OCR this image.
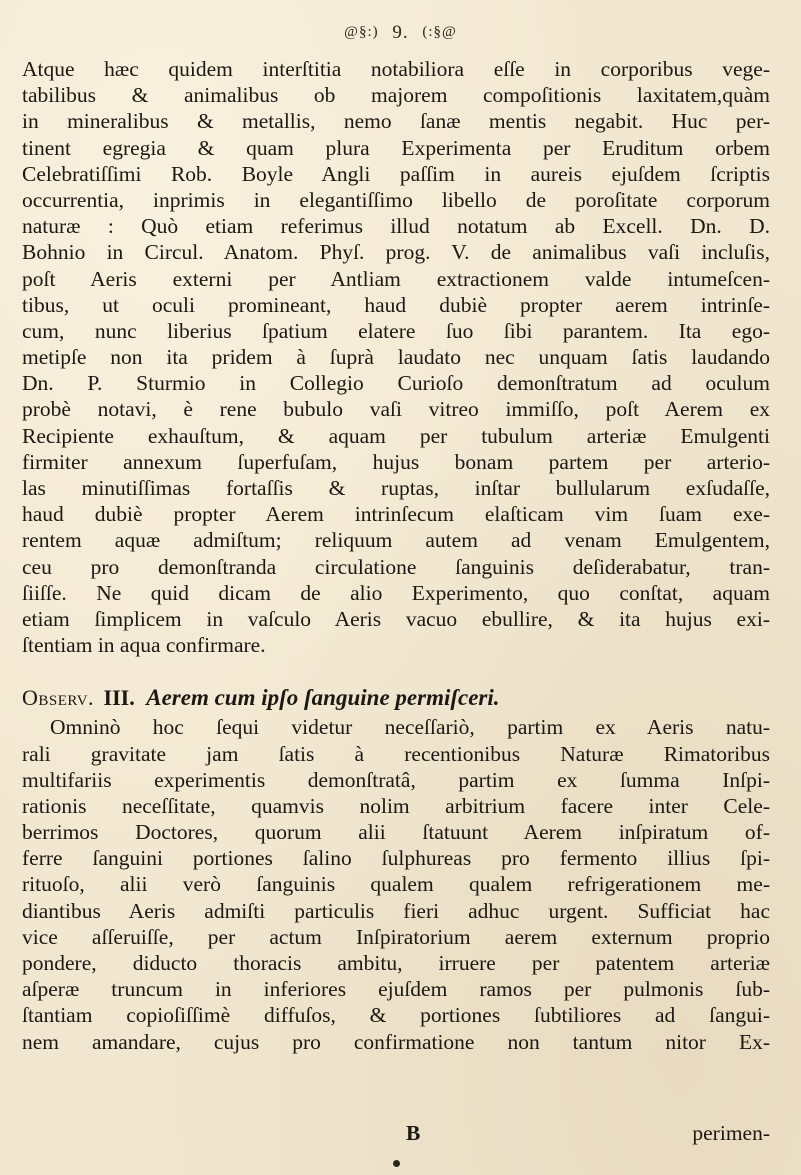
@§:) 9. (:§@
Atque hæc quidem interſtitia notabiliora eſſe in corporibus vege-
tabilibus & animalibus ob majorem compoſitionis laxitatem,quàm
in mineralibus & metallis, nemo ſanæ mentis negabit. Huc per-
tinent egregia & quam plura Experimenta per Eruditum orbem
Celebratiſſimi Rob. Boyle Angli paſſim in aureis ejuſdem ſcriptis
occurrentia, inprimis in elegantiſſimo libello de poroſitate corporum
naturæ : Quò etiam referimus illud notatum ab Excell. Dn. D.
Bohnio in Circul. Anatom. Phyſ. prog. V. de animalibus vaſi incluſis,
poſt Aeris externi per Antliam extractionem valde intumeſcen-
tibus, ut oculi promineant, haud dubiè propter aerem intrinſe-
cum, nunc liberius ſpatium elatere ſuo ſibi parantem. Ita ego-
metipſe non ita pridem à ſuprà laudato nec unquam ſatis laudando
Dn. P. Sturmio in Collegio Curioſo demonſtratum ad oculum
probè notavi, è rene bubulo vaſi vitreo immiſſo, poſt Aerem ex
Recipiente exhauſtum, & aquam per tubulum arteriæ Emulgenti
firmiter annexum ſuperfuſam, hujus bonam partem per arterio-
las minutiſſimas fortaſſis & ruptas, inſtar bullularum exſudaſſe,
haud dubiè propter Aerem intrinſecum elaſticam vim ſuam exe-
rentem aquæ admiſtum; reliquum autem ad venam Emulgentem,
ceu pro demonſtranda circulatione ſanguinis deſiderabatur, tran-
ſiiſſe. Ne quid dicam de alio Experimento, quo conſtat, aquam
etiam ſimplicem in vaſculo Aeris vacuo ebullire, & ita hujus exi-
ſtentiam in aqua confirmare.
Observ. III. Aerem cum ipſo ſanguine permiſceri.
Omninò hoc ſequi videtur neceſſariò, partim ex Aeris natu-
rali gravitate jam ſatis à recentionibus Naturæ Rimatoribus
multifariis experimentis demonſtratâ, partim ex ſumma Inſpi-
rationis neceſſitate, quamvis nolim arbitrium facere inter Cele-
berrimos Doctores, quorum alii ſtatuunt Aerem inſpiratum of-
ferre ſanguini portiones ſalino ſulphureas pro fermento illius ſpi-
rituoſo, alii verò ſanguinis qualem qualem refrigerationem me-
diantibus Aeris admiſti particulis fieri adhuc urgent. Sufficiat hac
vice aſſeruiſſe, per actum Inſpiratorium aerem externum proprio
pondere, diducto thoracis ambitu, irruere per patentem arteriæ
aſperæ truncum in inferiores ejuſdem ramos per pulmonis ſub-
ſtantiam copioſiſſimè diffuſos, & portiones ſubtiliores ad ſangui-
nem amandare, cujus pro confirmatione non tantum nitor Ex-
B	perimen-
